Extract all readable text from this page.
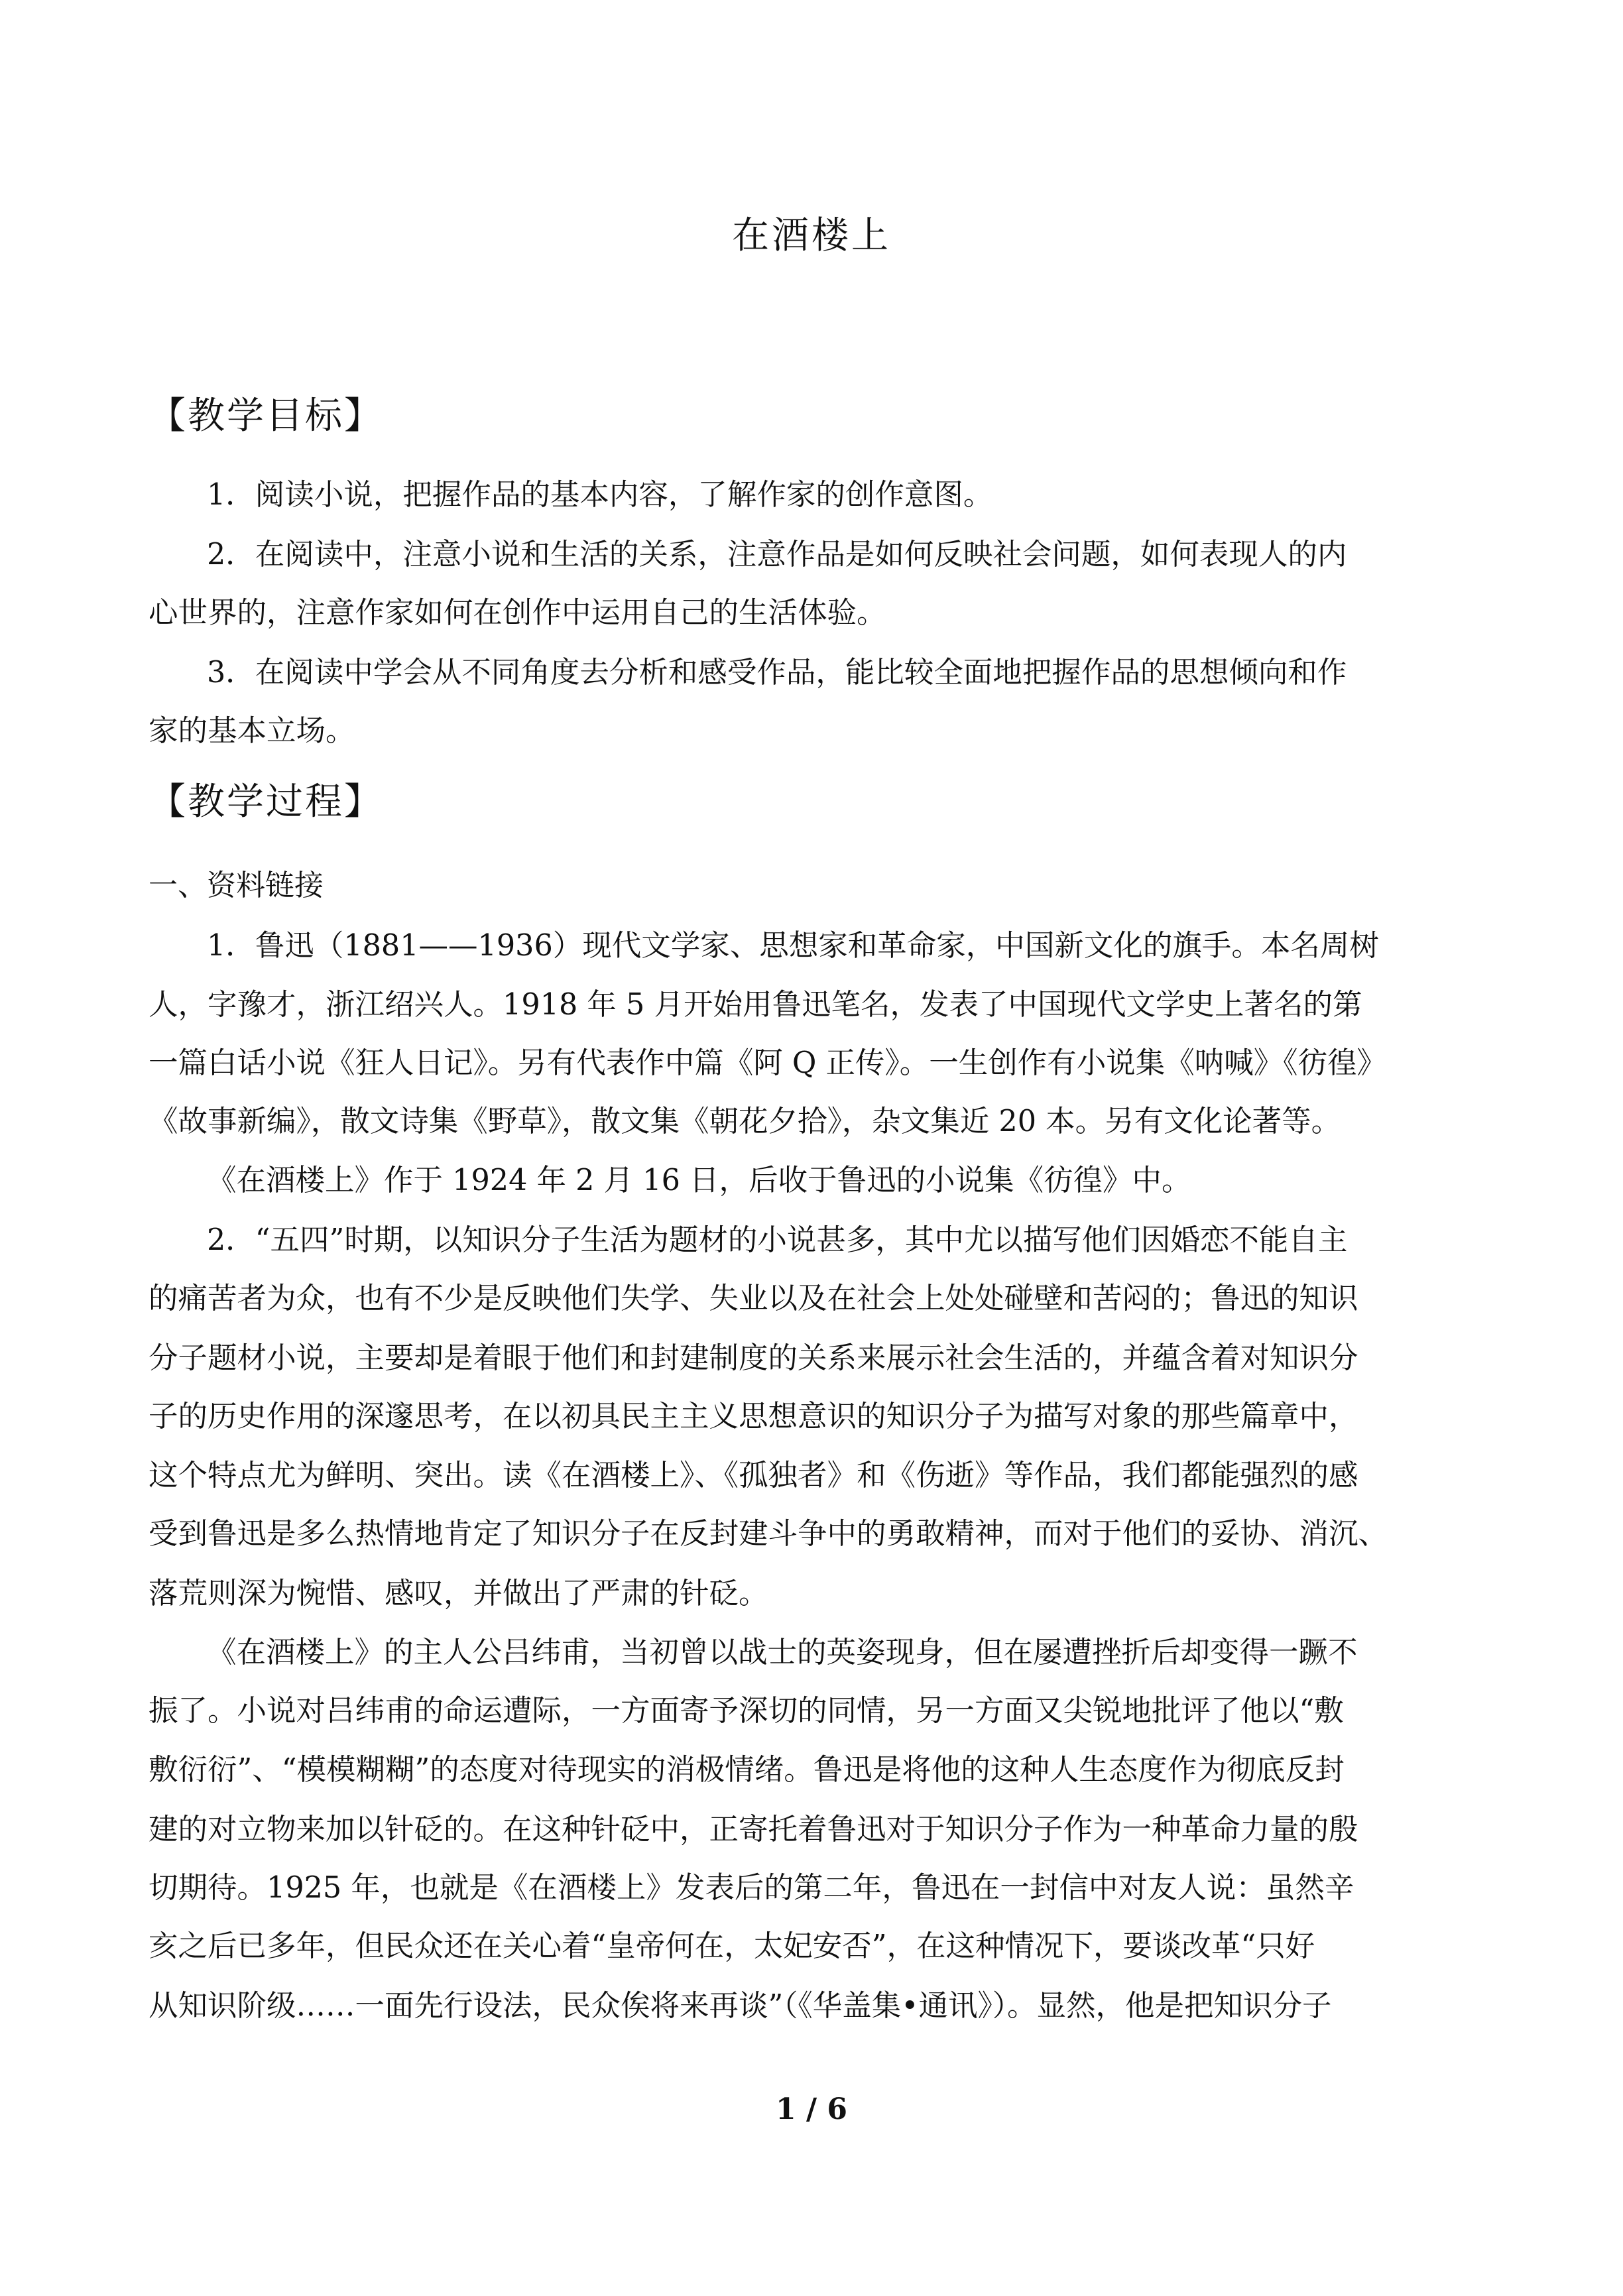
在酒楼上
【教学目标】
1．阅读小说，把握作品的基本内容，了解作家的创作意图。
2．在阅读中，注意小说和生活的关系，注意作品是如何反映社会问题，如何表现人的内
心世界的，注意作家如何在创作中运用自己的生活体验。
3．在阅读中学会从不同角度去分析和感受作品，能比较全面地把握作品的思想倾向和作
家的基本立场。
【教学过程】
一、资料链接
1．鲁迅（1881——1936）现代文学家、思想家和革命家，中国新文化的旗手。本名周树
人，字豫才，浙江绍兴人。1918 年 5 月开始用鲁迅笔名，发表了中国现代文学史上著名的第
一篇白话小说《狂人日记》。另有代表作中篇《阿 Q 正传》。一生创作有小说集《呐喊》《彷徨》
《故事新编》，散文诗集《野草》，散文集《朝花夕拾》，杂文集近 20 本。另有文化论著等。
《在酒楼上》作于 1924 年 2 月 16 日，后收于鲁迅的小说集《彷徨》中。
2．“五四”时期，以知识分子生活为题材的小说甚多，其中尤以描写他们因婚恋不能自主
的痛苦者为众，也有不少是反映他们失学、失业以及在社会上处处碰壁和苦闷的；鲁迅的知识
分子题材小说，主要却是着眼于他们和封建制度的关系来展示社会生活的，并蕴含着对知识分
子的历史作用的深邃思考，在以初具民主主义思想意识的知识分子为描写对象的那些篇章中，
这个特点尤为鲜明、突出。读《在酒楼上》、《孤独者》和《伤逝》等作品，我们都能强烈的感
受到鲁迅是多么热情地肯定了知识分子在反封建斗争中的勇敢精神，而对于他们的妥协、消沉、
落荒则深为惋惜、感叹，并做出了严肃的针砭。
《在酒楼上》的主人公吕纬甫，当初曾以战士的英姿现身，但在屡遭挫折后却变得一蹶不
振了。小说对吕纬甫的命运遭际，一方面寄予深切的同情，另一方面又尖锐地批评了他以“敷
敷衍衍”、“模模糊糊”的态度对待现实的消极情绪。鲁迅是将他的这种人生态度作为彻底反封
建的对立物来加以针砭的。在这种针砭中，正寄托着鲁迅对于知识分子作为一种革命力量的殷
切期待。1925 年，也就是《在酒楼上》发表后的第二年，鲁迅在一封信中对友人说：虽然辛
亥之后已多年，但民众还在关心着“皇帝何在，太妃安否”，在这种情况下，要谈改革“只好
从知识阶级……一面先行设法，民众俟将来再谈”（《华盖集•通讯》）。显然，他是把知识分子
1 / 6
